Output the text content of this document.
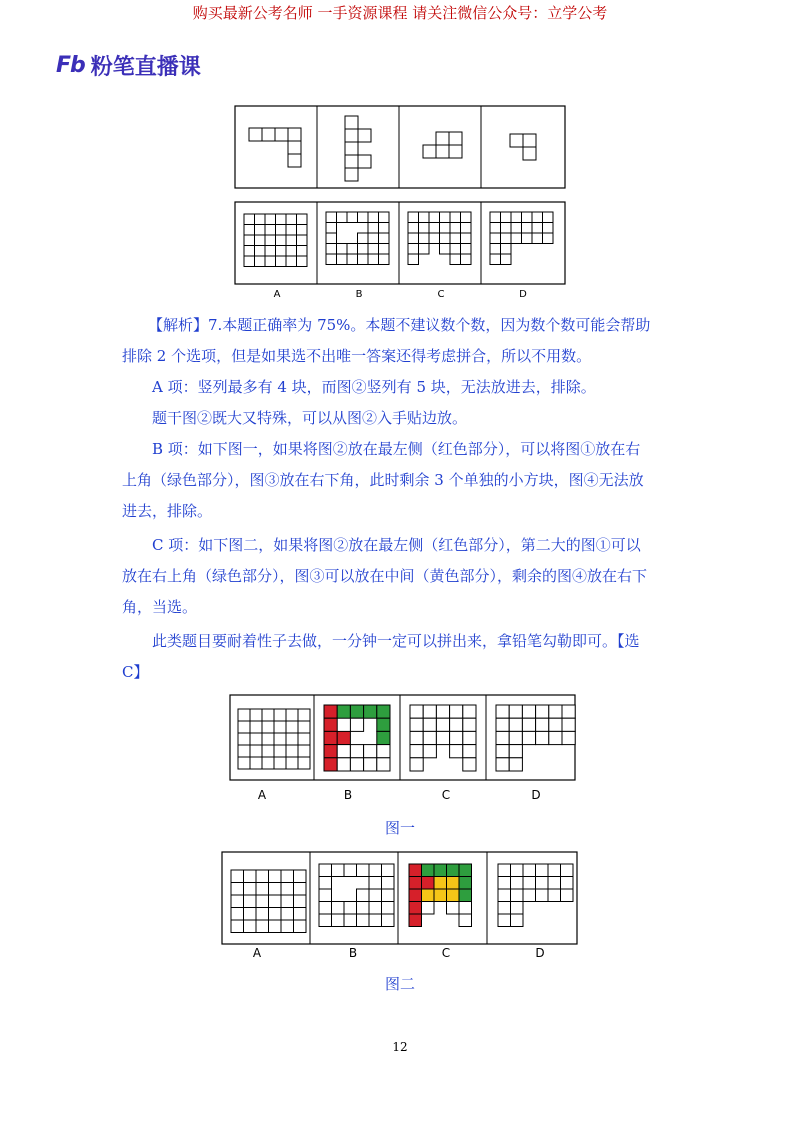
购买最新公考名师 一手资源课程 请关注微信公众号：立学公考
Fb 粉笔直播课
A	B	C	D
【解析】7.本题正确率为 75%。本题不建议数个数，因为数个数可能会帮助
排除 2 个选项，但是如果选不出唯一答案还得考虑拼合，所以不用数。
A 项：竖列最多有 4 块，而图②竖列有 5 块，无法放进去，排除。
题干图②既大又特殊，可以从图②入手贴边放。
B 项：如下图一，如果将图②放在最左侧（红色部分），可以将图①放在右
上角（绿色部分），图③放在右下角，此时剩余 3 个单独的小方块，图④无法放
进去，排除。
C 项：如下图二，如果将图②放在最左侧（红色部分），第二大的图①可以
放在右上角（绿色部分），图③可以放在中间（黄色部分），剩余的图④放在右下
角，当选。
此类题目要耐着性子去做，一分钟一定可以拼出来，拿铅笔勾勒即可。【选
C】
A	B	C	D
图一
A	B	C	D
图二
12
